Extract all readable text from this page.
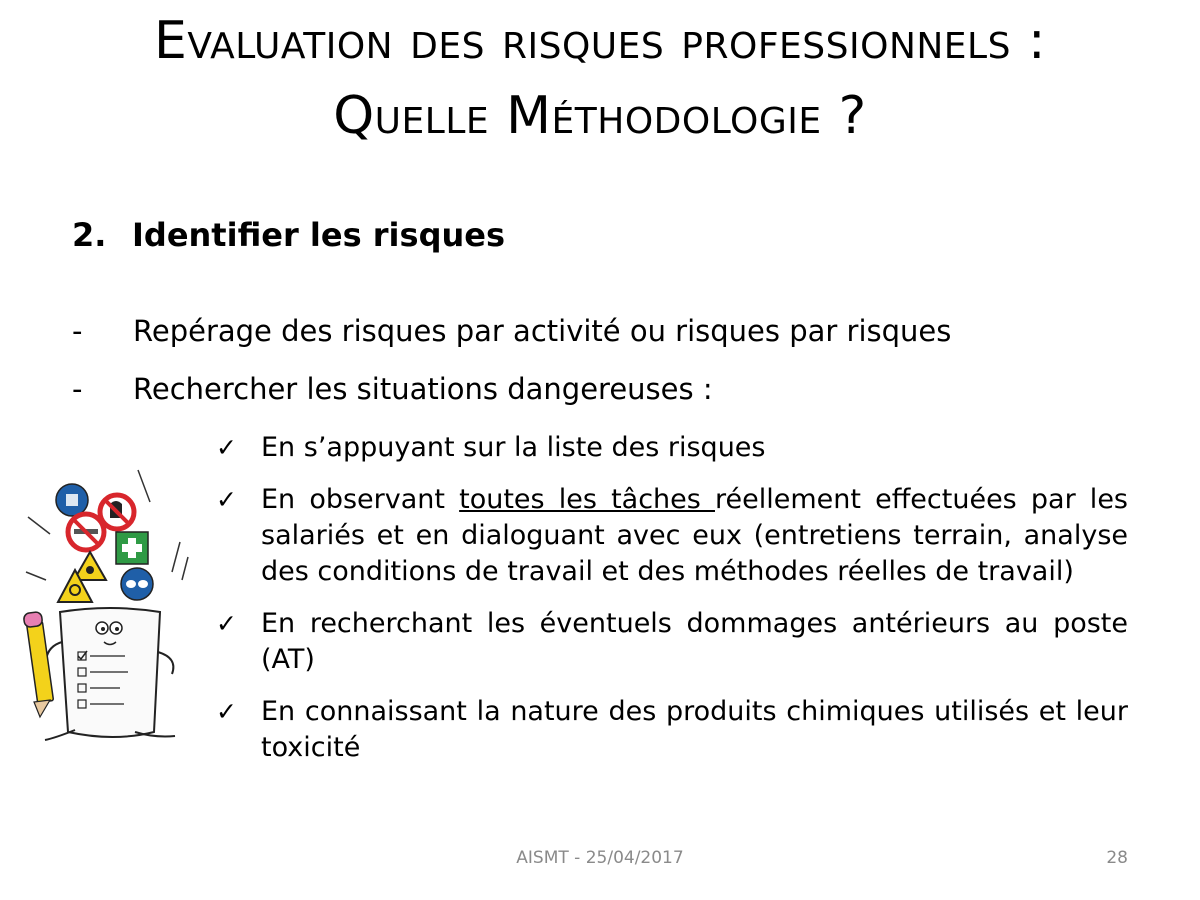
Evaluation des risques professionnels :
Quelle Méthodologie ?
2. Identifier les risques
- Repérage des risques par activité ou risques par risques
- Rechercher les situations dangereuses :
✓ En s’appuyant sur la liste des risques
✓ En observant toutes les tâches réellement effectuées par les salariés et en dialoguant avec eux (entretiens terrain, analyse des conditions de travail et des méthodes réelles de travail)
✓ En recherchant les éventuels dommages antérieurs au poste (AT)
✓ En connaissant la nature des produits chimiques utilisés et leur toxicité
AISMT - 25/04/2017	28
